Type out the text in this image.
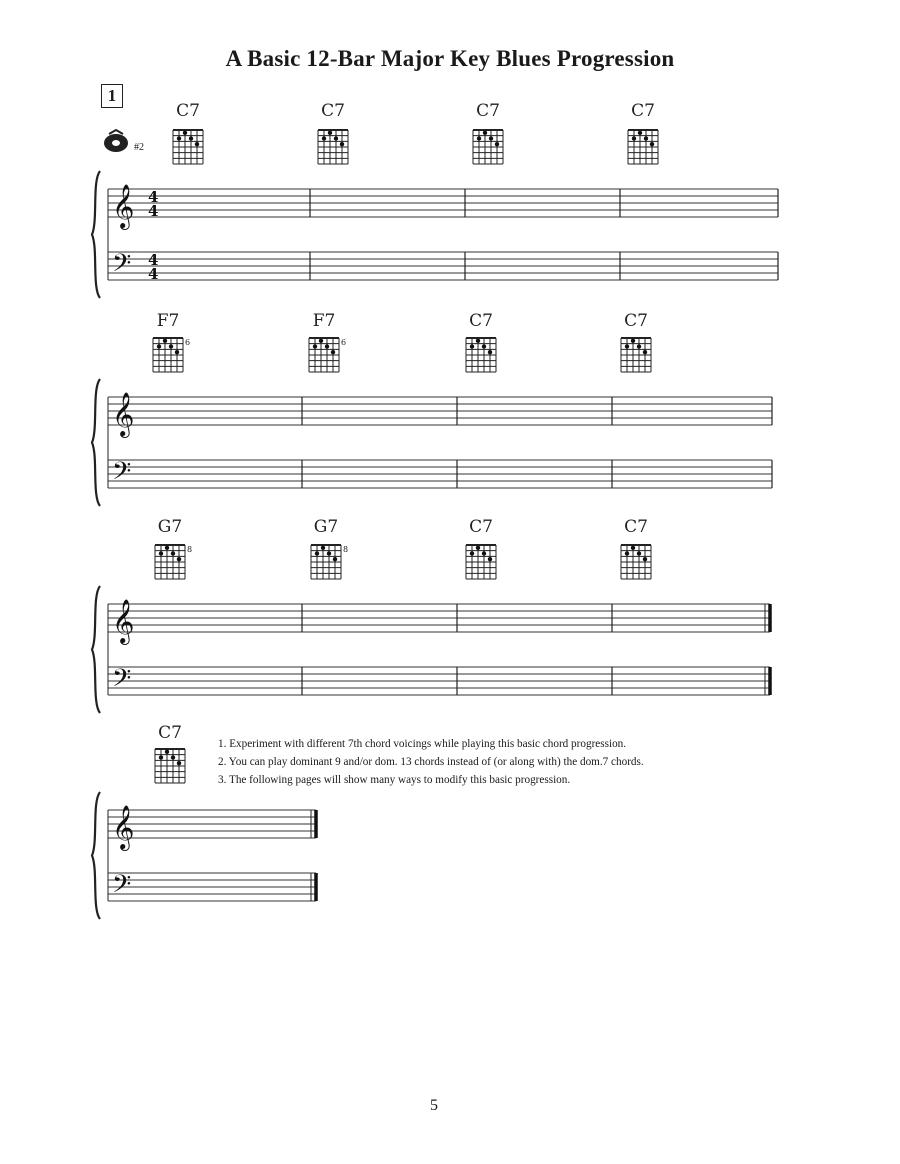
A Basic 12-Bar Major Key Blues Progression
1
#2
C7	C7	C7	C7
𝄞
𝄢
4
4
4
4
F7
6
F7
6
C7	C7
𝄞
𝄢
G7
8
G7
8
C7	C7
𝄞
𝄢
C7
𝄞
𝄢
1. Experiment with different 7th chord voicings while playing this basic chord progression.
2. You can play dominant 9 and/or dom. 13 chords instead of (or along with) the dom.7 chords.
3. The following pages will show many ways to modify this basic progression.
5
